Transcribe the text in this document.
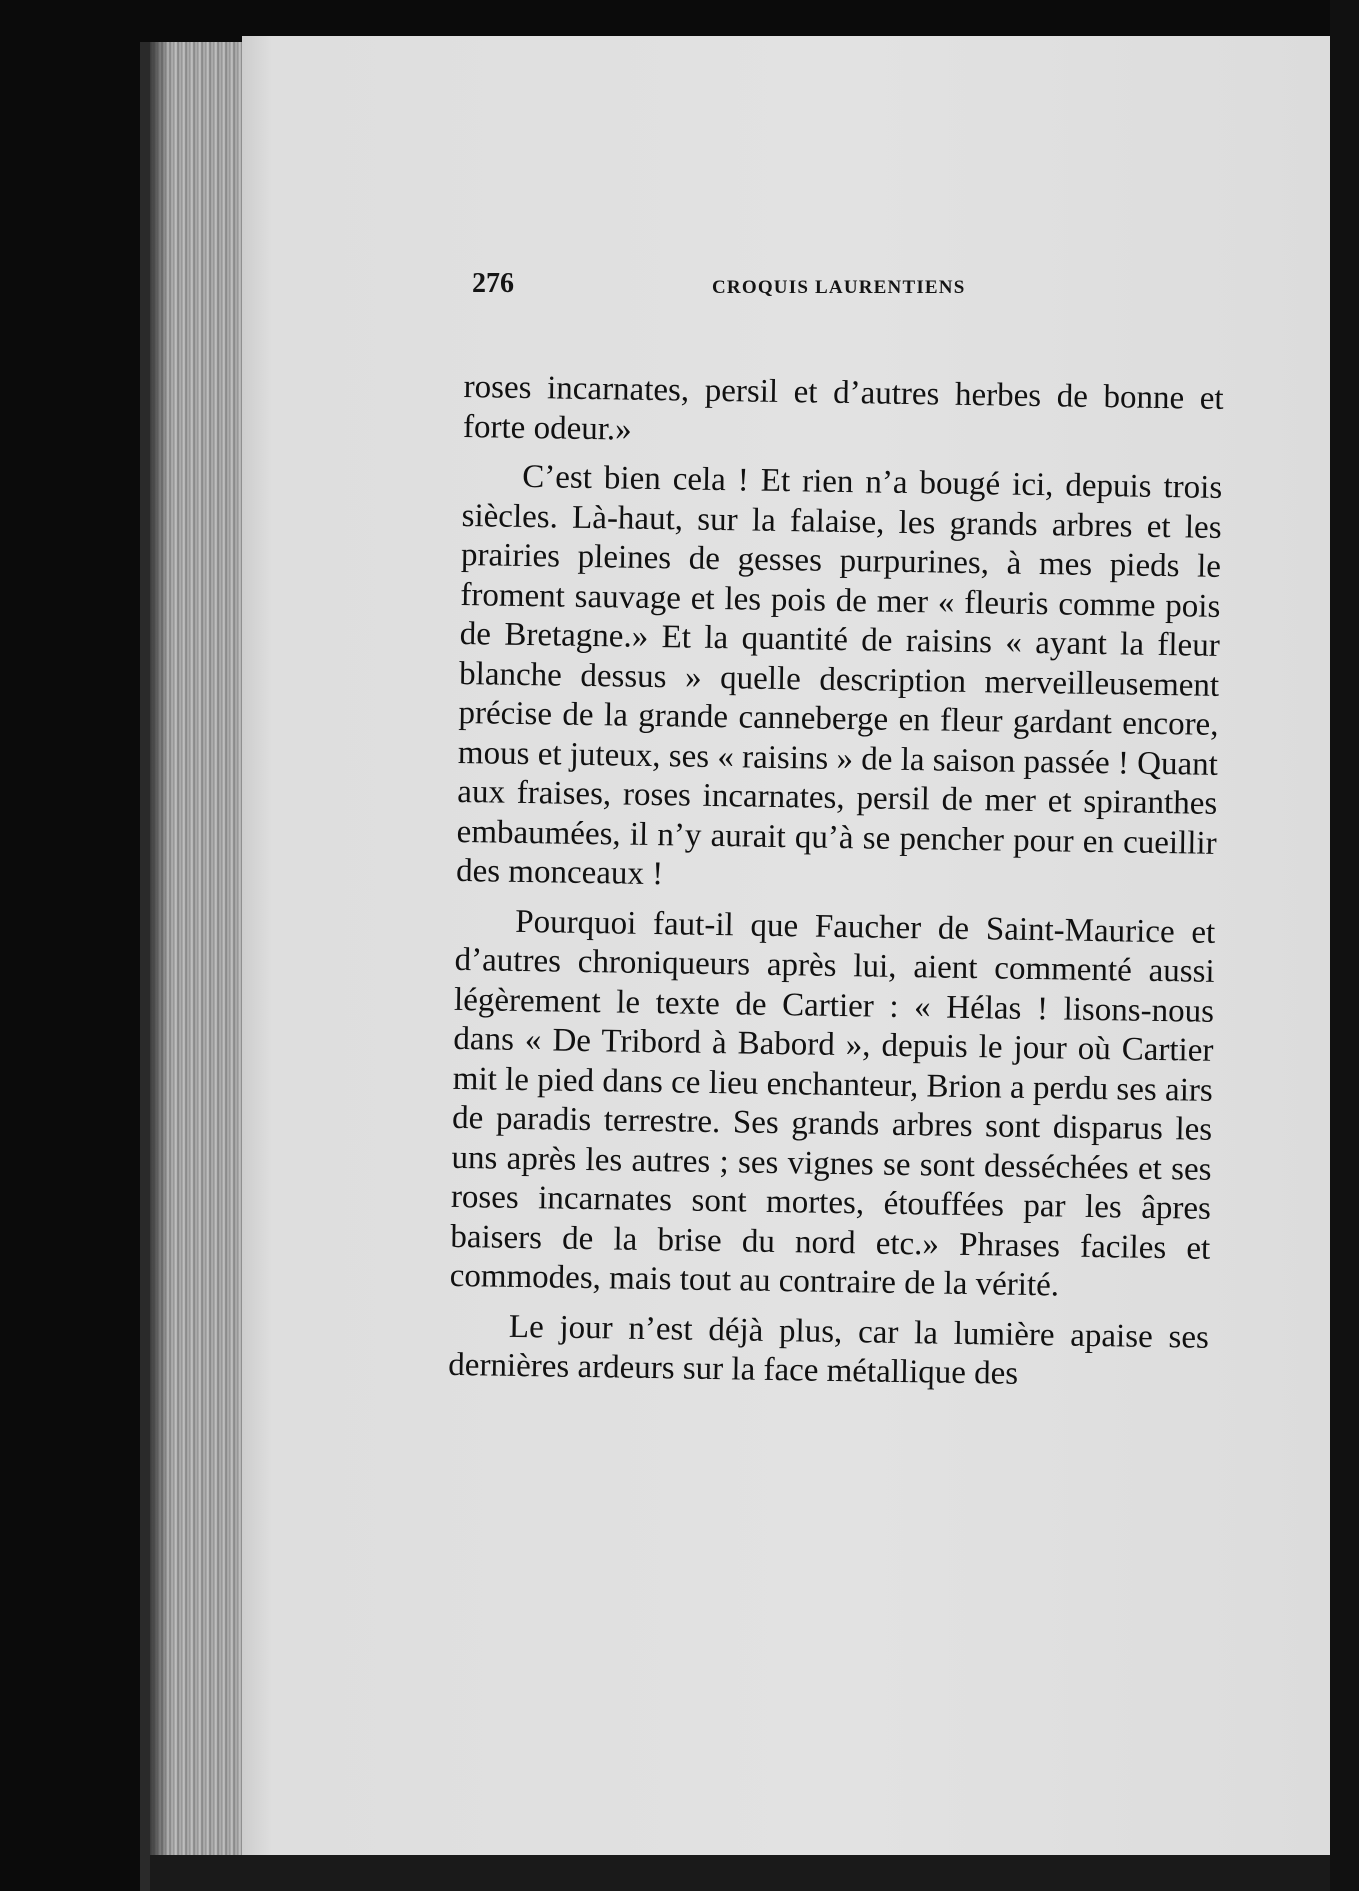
276	CROQUIS LAURENTIENS

roses incarnates, persil et d’autres herbes de bonne et forte odeur.»

C’est bien cela ! Et rien n’a bougé ici, depuis trois siècles. Là-haut, sur la falaise, les grands arbres et les prairies pleines de gesses purpurines, à mes pieds le froment sauvage et les pois de mer « fleuris comme pois de Bretagne.» Et la quantité de raisins « ayant la fleur blanche dessus » quelle description merveilleusement précise de la grande canneberge en fleur gardant encore, mous et juteux, ses « raisins » de la saison passée ! Quant aux fraises, roses incarnates, persil de mer et spiranthes embaumées, il n’y aurait qu’à se pencher pour en cueillir des monceaux !

Pourquoi faut-il que Faucher de Saint-Maurice et d’autres chroniqueurs après lui, aient commenté aussi légèrement le texte de Cartier : « Hélas ! lisons-nous dans « De Tribord à Babord », depuis le jour où Cartier mit le pied dans ce lieu enchanteur, Brion a perdu ses airs de paradis terrestre. Ses grands arbres sont disparus les uns après les autres ; ses vignes se sont desséchées et ses roses incarnates sont mortes, étouffées par les âpres baisers de la brise du nord etc.» Phrases faciles et commodes, mais tout au contraire de la vérité.

Le jour n’est déjà plus, car la lumière apaise ses dernières ardeurs sur la face métallique des
